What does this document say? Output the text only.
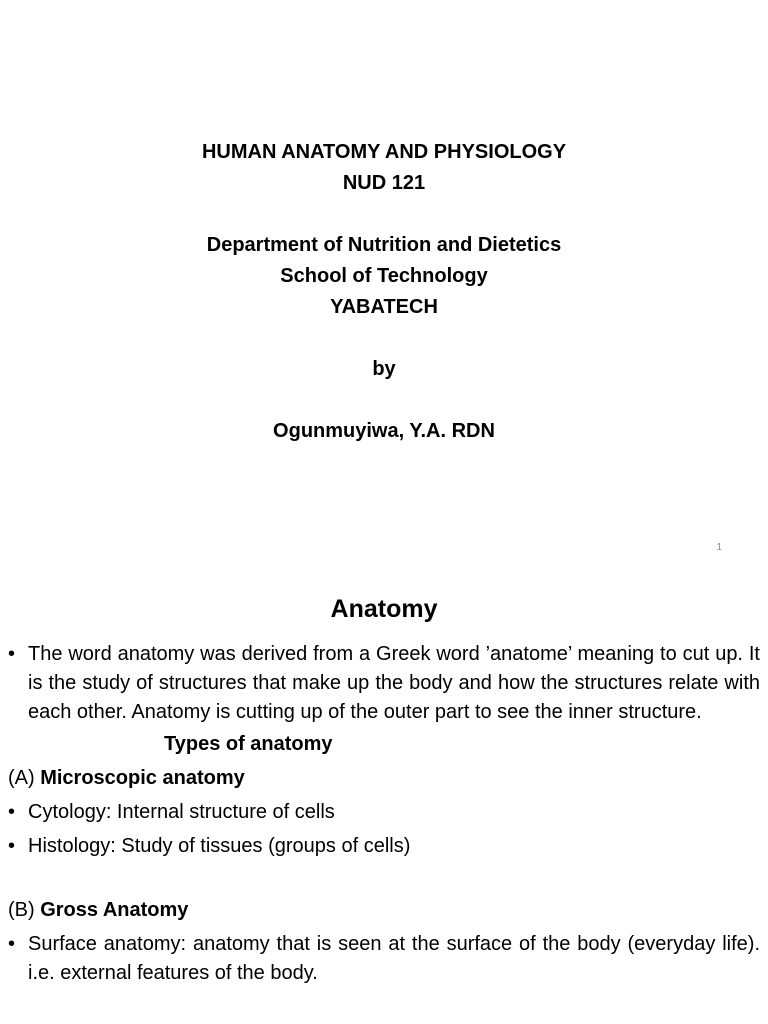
HUMAN ANATOMY AND PHYSIOLOGY
NUD 121
Department of Nutrition and Dietetics
School of Technology
YABATECH
by
Ogunmuyiwa, Y.A. RDN
1
Anatomy
• The word anatomy was derived from a Greek word ’anatome’ meaning to cut up. It is the study of structures that make up the body and how the structures relate with each other. Anatomy is cutting up of the outer part to see the inner structure.
Types of anatomy
(A) Microscopic anatomy
• Cytology: Internal structure of cells
• Histology: Study of tissues (groups of cells)
(B) Gross Anatomy
• Surface anatomy: anatomy that is seen at the surface of the body (everyday life). i.e. external features of the body.
